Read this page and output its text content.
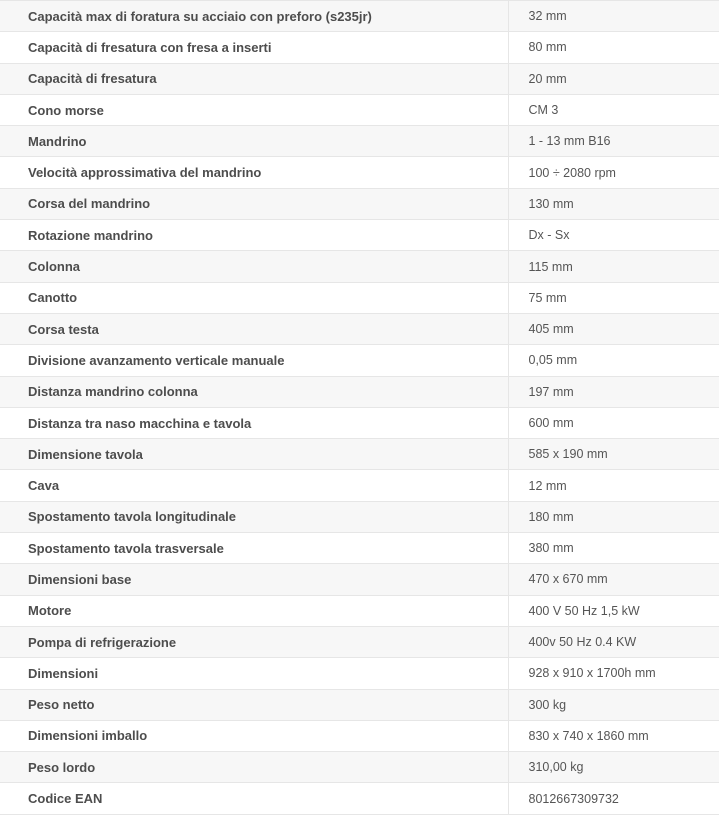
Capacità max di foratura su acciaio con preforo (s235jr)	32 mm
Capacità di fresatura con fresa a inserti	80 mm
Capacità di fresatura	20 mm
Cono morse	CM 3
Mandrino	1 - 13 mm B16
Velocità approssimativa del mandrino	100 ÷ 2080 rpm
Corsa del mandrino	130 mm
Rotazione mandrino	Dx - Sx
Colonna	115 mm
Canotto	75 mm
Corsa testa	405 mm
Divisione avanzamento verticale manuale	0,05 mm
Distanza mandrino colonna	197 mm
Distanza tra naso macchina e tavola	600 mm
Dimensione tavola	585 x 190 mm
Cava	12 mm
Spostamento tavola longitudinale	180 mm
Spostamento tavola trasversale	380 mm
Dimensioni base	470 x 670 mm
Motore	400 V 50 Hz 1,5 kW
Pompa di refrigerazione	400v 50 Hz 0.4 KW
Dimensioni	928 x 910 x 1700h mm
Peso netto	300 kg
Dimensioni imballo	830 x 740 x 1860 mm
Peso lordo	310,00 kg
Codice EAN	8012667309732
